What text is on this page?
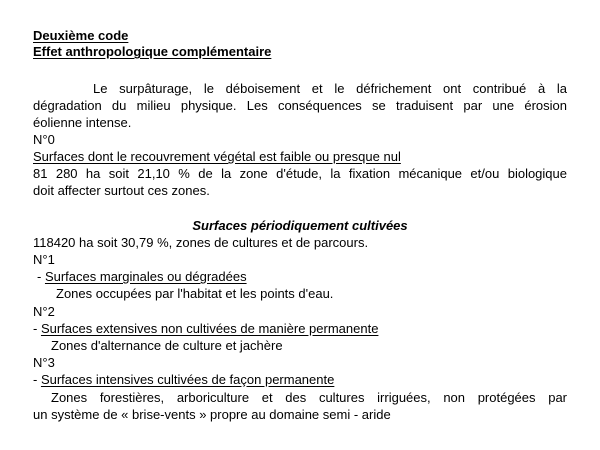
Deuxième code
Effet anthropologique complémentaire
Le surpâturage, le déboisement et le défrichement ont contribué à la
dégradation du milieu physique. Les conséquences se traduisent par une érosion
éolienne intense.
N°0
Surfaces dont le recouvrement végétal est faible ou presque nul
81 280 ha soit 21,10 % de la zone d'étude, la fixation mécanique et/ou biologique
doit affecter surtout ces zones.
Surfaces périodiquement cultivées
118420 ha soit 30,79 %, zones de cultures et de parcours.
N°1
- Surfaces marginales ou dégradées
Zones occupées par l'habitat et les points d'eau.
N°2
- Surfaces extensives non cultivées de manière permanente
Zones d'alternance de culture et jachère
N°3
- Surfaces intensives cultivées de façon permanente
Zones forestières, arboriculture et des cultures irriguées, non protégées par
un système de « brise-vents » propre au domaine semi - aride
